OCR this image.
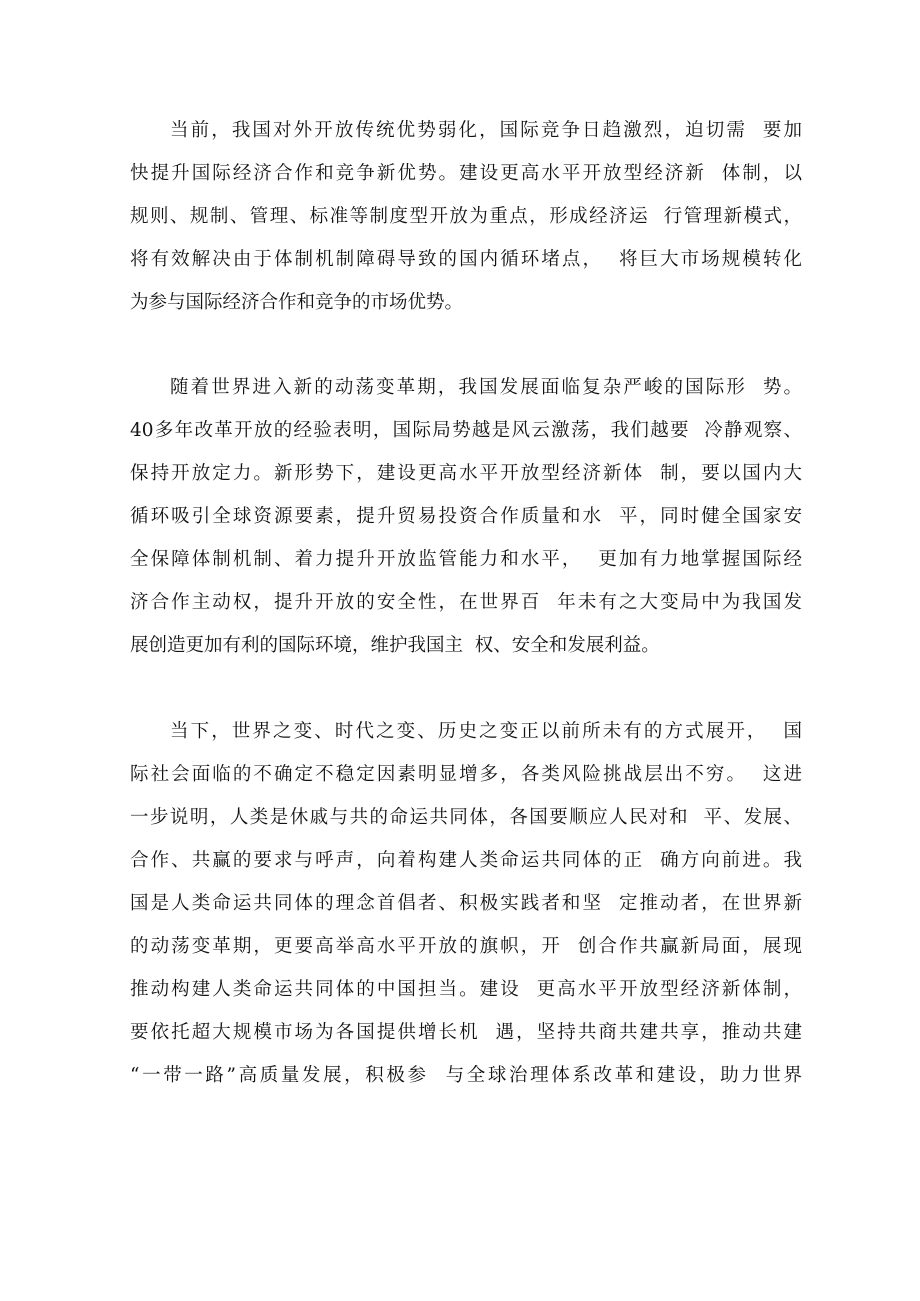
当前，我国对外开放传统优势弱化，国际竞争日趋激烈，迫切需  要加
快提升国际经济合作和竞争新优势。建设更高水平开放型经济新  体制，以
规则、规制、管理、标准等制度型开放为重点，形成经济运  行管理新模式，
将有效解决由于体制机制障碍导致的国内循环堵点，  将巨大市场规模转化
为参与国际经济合作和竞争的市场优势。
随着世界进入新的动荡变革期，我国发展面临复杂严峻的国际形  势。
40多年改革开放的经验表明，国际局势越是风云激荡，我们越要  冷静观察、
保持开放定力。新形势下，建设更高水平开放型经济新体  制，要以国内大
循环吸引全球资源要素，提升贸易投资合作质量和水  平，同时健全国家安
全保障体制机制、着力提升开放监管能力和水平，  更加有力地掌握国际经
济合作主动权，提升开放的安全性，在世界百  年未有之大变局中为我国发
展创造更加有利的国际环境，维护我国主  权、安全和发展利益。
当下，世界之变、时代之变、历史之变正以前所未有的方式展开，  国
际社会面临的不确定不稳定因素明显增多，各类风险挑战层出不穷。  这进
一步说明，人类是休戚与共的命运共同体，各国要顺应人民对和  平、发展、
合作、共赢的要求与呼声，向着构建人类命运共同体的正  确方向前进。我
国是人类命运共同体的理念首倡者、积极实践者和坚  定推动者，在世界新
的动荡变革期，更要高举高水平开放的旗帜，开  创合作共赢新局面，展现
推动构建人类命运共同体的中国担当。建设  更高水平开放型经济新体制，
要依托超大规模市场为各国提供增长机  遇，坚持共商共建共享，推动共建
“一带一路”高质量发展，积极参  与全球治理体系改革和建设，助力世界
